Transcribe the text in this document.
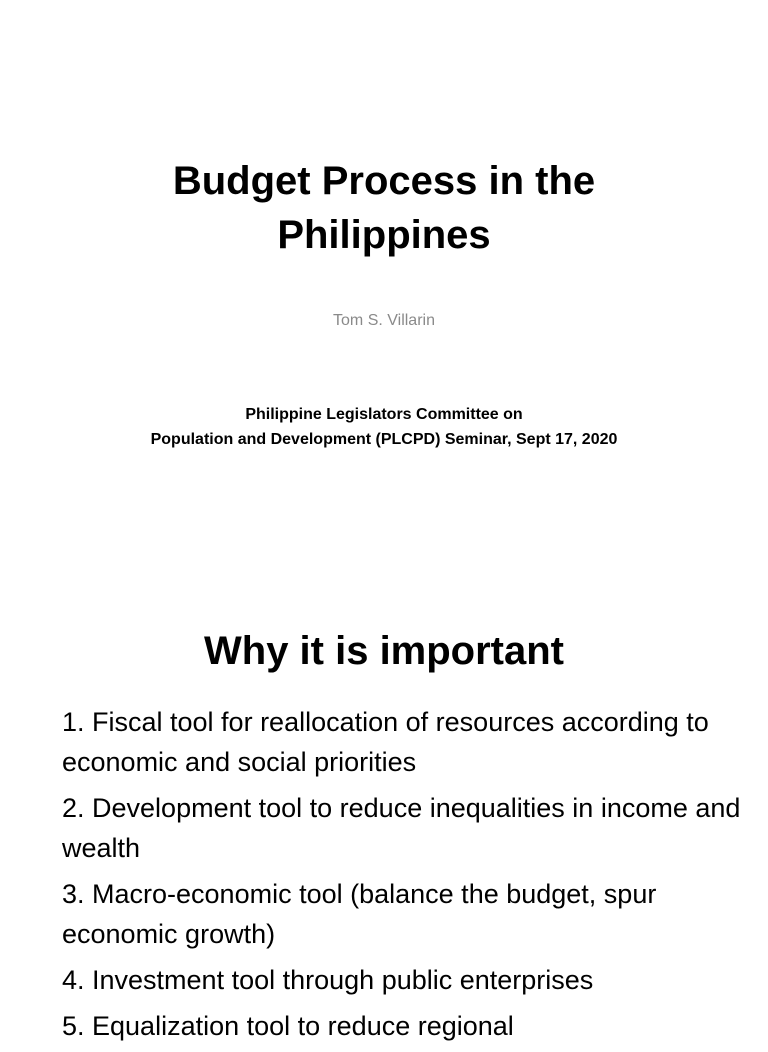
Budget Process in the
Philippines

Tom S. Villarin

Philippine Legislators Committee on
Population and Development (PLCPD) Seminar, Sept 17, 2020

Why it is important
1. Fiscal tool for reallocation of resources according to economic and social priorities
2. Development tool to reduce inequalities in income and wealth
3. Macro-economic tool (balance the budget, spur economic growth)
4. Investment tool through public enterprises
5. Equalization tool to reduce regional
